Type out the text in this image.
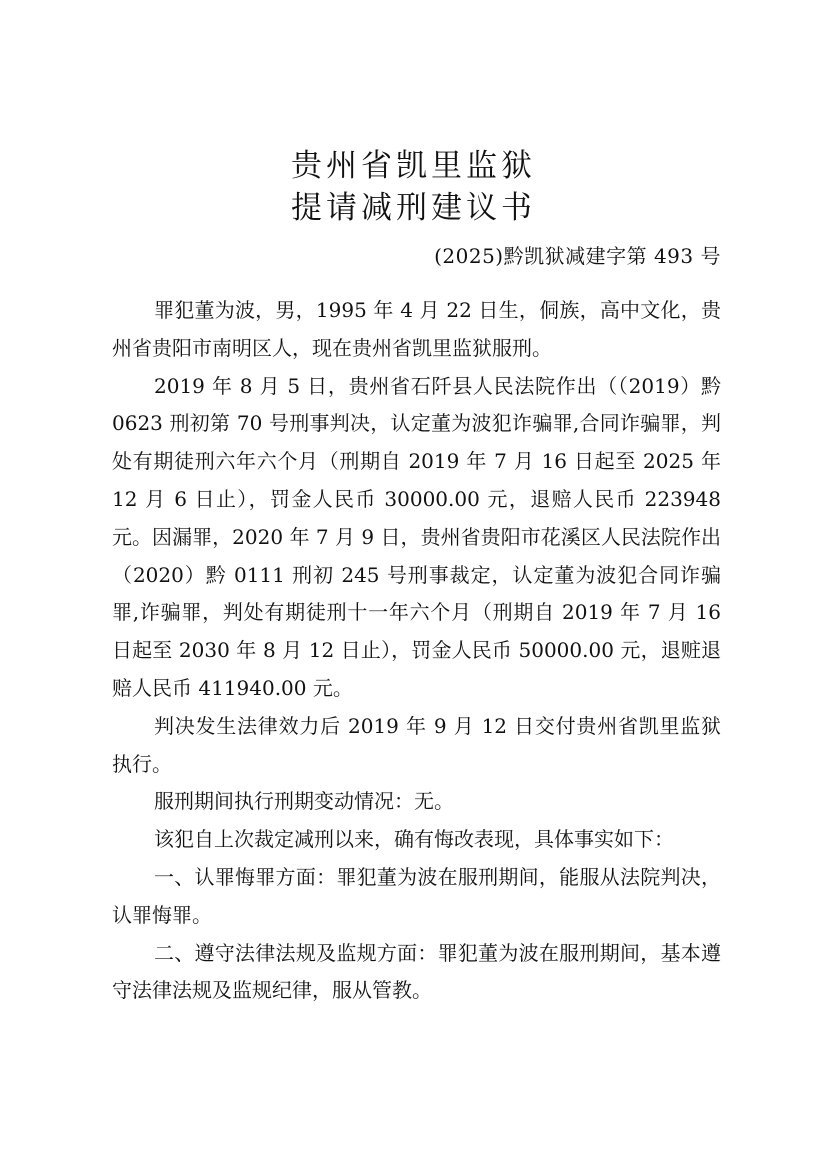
贵州省凯里监狱
提请减刑建议书
(2025)黔凯狱减建字第 493 号

罪犯董为波，男，1995 年 4 月 22 日生，侗族，高中文化，贵州省贵阳市南明区人，现在贵州省凯里监狱服刑。

2019 年 8 月 5 日，贵州省石阡县人民法院作出（（2019）黔 0623 刑初第 70 号刑事判决，认定董为波犯诈骗罪,合同诈骗罪，判处有期徒刑六年六个月（刑期自 2019 年 7 月 16 日起至 2025 年 12 月 6 日止），罚金人民币 30000.00 元，退赔人民币 223948 元。因漏罪，2020 年 7 月 9 日，贵州省贵阳市花溪区人民法院作出（2020）黔 0111 刑初 245 号刑事裁定，认定董为波犯合同诈骗罪,诈骗罪，判处有期徒刑十一年六个月（刑期自 2019 年 7 月 16 日起至 2030 年 8 月 12 日止），罚金人民币 50000.00 元，退赃退赔人民币 411940.00 元。

判决发生法律效力后 2019 年 9 月 12 日交付贵州省凯里监狱执行。

服刑期间执行刑期变动情况：无。

该犯自上次裁定减刑以来，确有悔改表现，具体事实如下：

一、认罪悔罪方面：罪犯董为波在服刑期间，能服从法院判决，认罪悔罪。

二、遵守法律法规及监规方面：罪犯董为波在服刑期间，基本遵守法律法规及监规纪律，服从管教。
